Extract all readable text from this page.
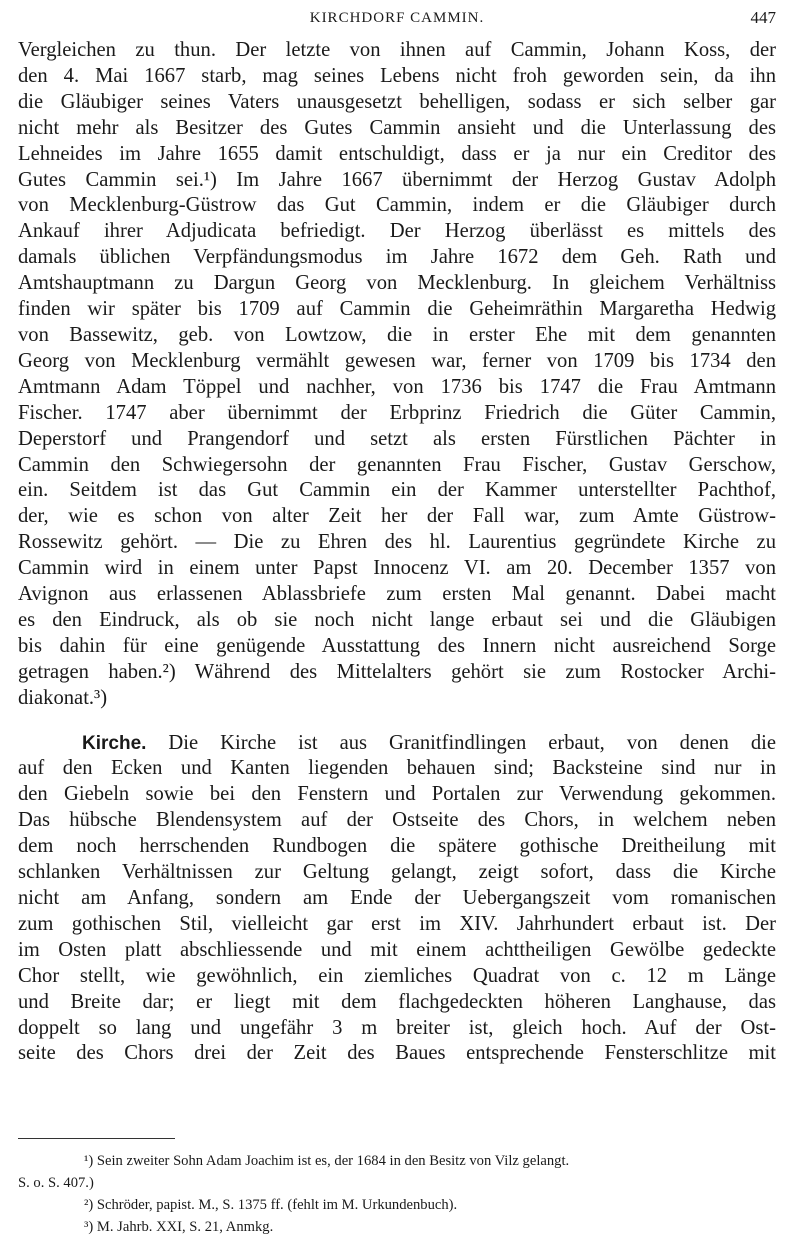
KIRCHDORF CAMMIN.	447
Vergleichen zu thun. Der letzte von ihnen auf Cammin, Johann Koss, der
den 4. Mai 1667 starb, mag seines Lebens nicht froh geworden sein, da ihn
die Gläubiger seines Vaters unausgesetzt behelligen, sodass er sich selber gar
nicht mehr als Besitzer des Gutes Cammin ansieht und die Unterlassung des
Lehneides im Jahre 1655 damit entschuldigt, dass er ja nur ein Creditor des
Gutes Cammin sei.¹) Im Jahre 1667 übernimmt der Herzog Gustav Adolph
von Mecklenburg-Güstrow das Gut Cammin, indem er die Gläubiger durch
Ankauf ihrer Adjudicata befriedigt. Der Herzog überlässt es mittels des
damals üblichen Verpfändungsmodus im Jahre 1672 dem Geh. Rath und
Amtshauptmann zu Dargun Georg von Mecklenburg. In gleichem Verhältniss
finden wir später bis 1709 auf Cammin die Geheimräthin Margaretha Hedwig
von Bassewitz, geb. von Lowtzow, die in erster Ehe mit dem genannten
Georg von Mecklenburg vermählt gewesen war, ferner von 1709 bis 1734 den
Amtmann Adam Töppel und nachher, von 1736 bis 1747 die Frau Amtmann
Fischer. 1747 aber übernimmt der Erbprinz Friedrich die Güter Cammin,
Deperstorf und Prangendorf und setzt als ersten Fürstlichen Pächter in
Cammin den Schwiegersohn der genannten Frau Fischer, Gustav Gerschow,
ein. Seitdem ist das Gut Cammin ein der Kammer unterstellter Pachthof,
der, wie es schon von alter Zeit her der Fall war, zum Amte Güstrow-
Rossewitz gehört. — Die zu Ehren des hl. Laurentius gegründete Kirche zu
Cammin wird in einem unter Papst Innocenz VI. am 20. December 1357 von
Avignon aus erlassenen Ablassbriefe zum ersten Mal genannt. Dabei macht
es den Eindruck, als ob sie noch nicht lange erbaut sei und die Gläubigen
bis dahin für eine genügende Ausstattung des Innern nicht ausreichend Sorge
getragen haben.²) Während des Mittelalters gehört sie zum Rostocker Archi-
diakonat.³)
Kirche. Die Kirche ist aus Granitfindlingen erbaut, von denen die
auf den Ecken und Kanten liegenden behauen sind; Backsteine sind nur in
den Giebeln sowie bei den Fenstern und Portalen zur Verwendung gekommen.
Das hübsche Blendensystem auf der Ostseite des Chors, in welchem neben
dem noch herrschenden Rundbogen die spätere gothische Dreitheilung mit
schlanken Verhältnissen zur Geltung gelangt, zeigt sofort, dass die Kirche
nicht am Anfang, sondern am Ende der Uebergangszeit vom romanischen
zum gothischen Stil, vielleicht gar erst im XIV. Jahrhundert erbaut ist. Der
im Osten platt abschliessende und mit einem achttheiligen Gewölbe gedeckte
Chor stellt, wie gewöhnlich, ein ziemliches Quadrat von c. 12 m Länge
und Breite dar; er liegt mit dem flachgedeckten höheren Langhause, das
doppelt so lang und ungefähr 3 m breiter ist, gleich hoch. Auf der Ost-
seite des Chors drei der Zeit des Baues entsprechende Fensterschlitze mit
¹) Sein zweiter Sohn Adam Joachim ist es, der 1684 in den Besitz von Vilz gelangt.
S. o. S. 407.)
²) Schröder, papist. M., S. 1375 ff. (fehlt im M. Urkundenbuch).
³) M. Jahrb. XXI, S. 21, Anmkg.
